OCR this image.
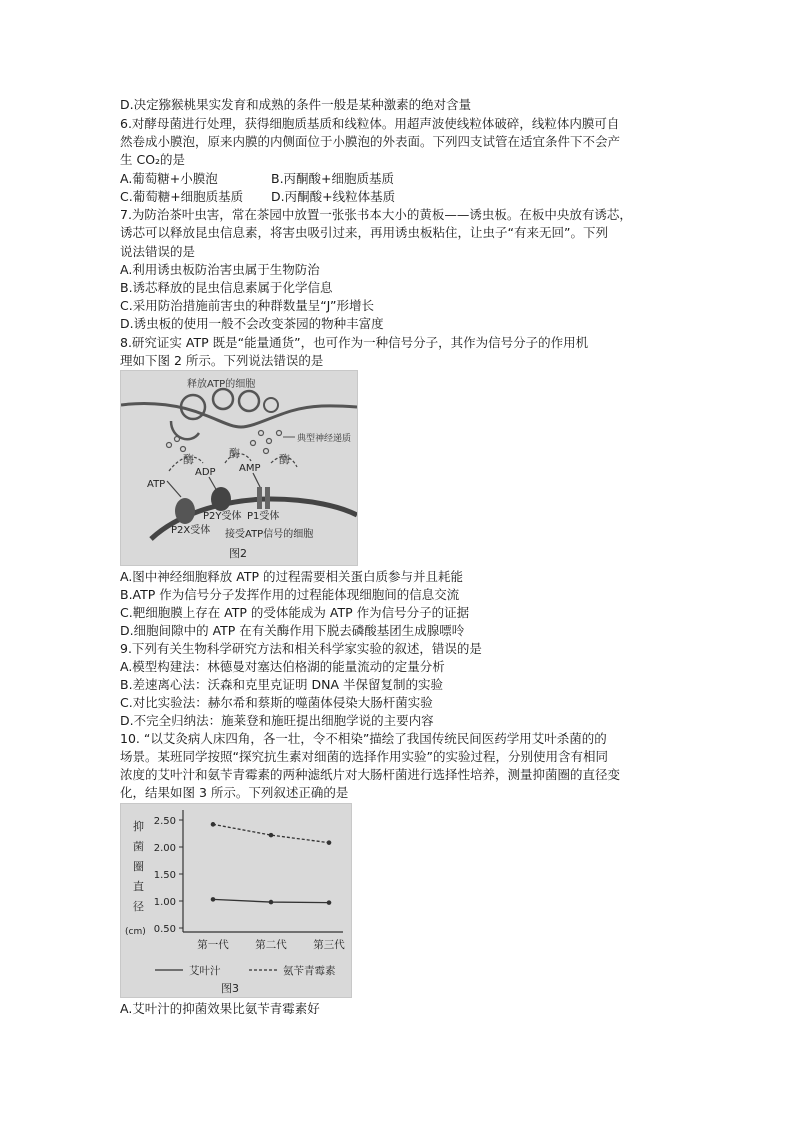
D.决定猕猴桃果实发育和成熟的条件一般是某种激素的绝对含量
6.对酵母菌进行处理，获得细胞质基质和线粒体。用超声波使线粒体破碎，线粒体内膜可自
然卷成小膜泡，原来内膜的内侧面位于小膜泡的外表面。下列四支试管在适宜条件下不会产
生 CO₂的是
A.葡萄糖+小膜泡	B.丙酮酸+细胞质基质
C.葡萄糖+细胞质基质 D.丙酮酸+线粒体基质
7.为防治茶叶虫害，常在茶园中放置一张张书本大小的黄板——诱虫板。在板中央放有诱芯，
诱芯可以释放昆虫信息素，将害虫吸引过来，再用诱虫板粘住，让虫子“有来无回”。下列
说法错误的是
A.利用诱虫板防治害虫属于生物防治
B.诱芯释放的昆虫信息素属于化学信息
C.采用防治措施前害虫的种群数量呈“J”形增长
D.诱虫板的使用一般不会改变茶园的物种丰富度
8.研究证实 ATP 既是“能量通货”，也可作为一种信号分子，其作为信号分子的作用机
理如下图 2 所示。下列说法错误的是
释放ATP的细胞
典型神经递质
酶	酶	酶
ADP AMP
ATP
P2Y受体 P1受体
P2X受体 接受ATP信号的细胞
图2
A.图中神经细胞释放 ATP 的过程需要相关蛋白质参与并且耗能
B.ATP 作为信号分子发挥作用的过程能体现细胞间的信息交流
C.靶细胞膜上存在 ATP 的受体能成为 ATP 作为信号分子的证据
D.细胞间隙中的 ATP 在有关酶作用下脱去磷酸基团生成腺嘌呤
9.下列有关生物科学研究方法和相关科学家实验的叙述，错误的是
A.模型构建法：林德曼对塞达伯格湖的能量流动的定量分析
B.差速离心法：沃森和克里克证明 DNA 半保留复制的实验
C.对比实验法：赫尔希和蔡斯的噬菌体侵染大肠杆菌实验
D.不完全归纳法：施莱登和施旺提出细胞学说的主要内容
10. “以艾灸病人床四角，各一壮，令不相染”描绘了我国传统民间医药学用艾叶杀菌的的
场景。某班同学按照“探究抗生素对细菌的选择作用实验”的实验过程，分别使用含有相同
浓度的艾叶汁和氨苄青霉素的两种滤纸片对大肠杆菌进行选择性培养，测量抑菌圈的直径变
化，结果如图 3 所示。下列叙述正确的是
抑
菌
圈
直
径
(cm)
2.50
2.00
1.50
1.00
0.50
第一代	第二代	第三代
艾叶汁	氨苄青霉素
图3
A.艾叶汁的抑菌效果比氨苄青霉素好
